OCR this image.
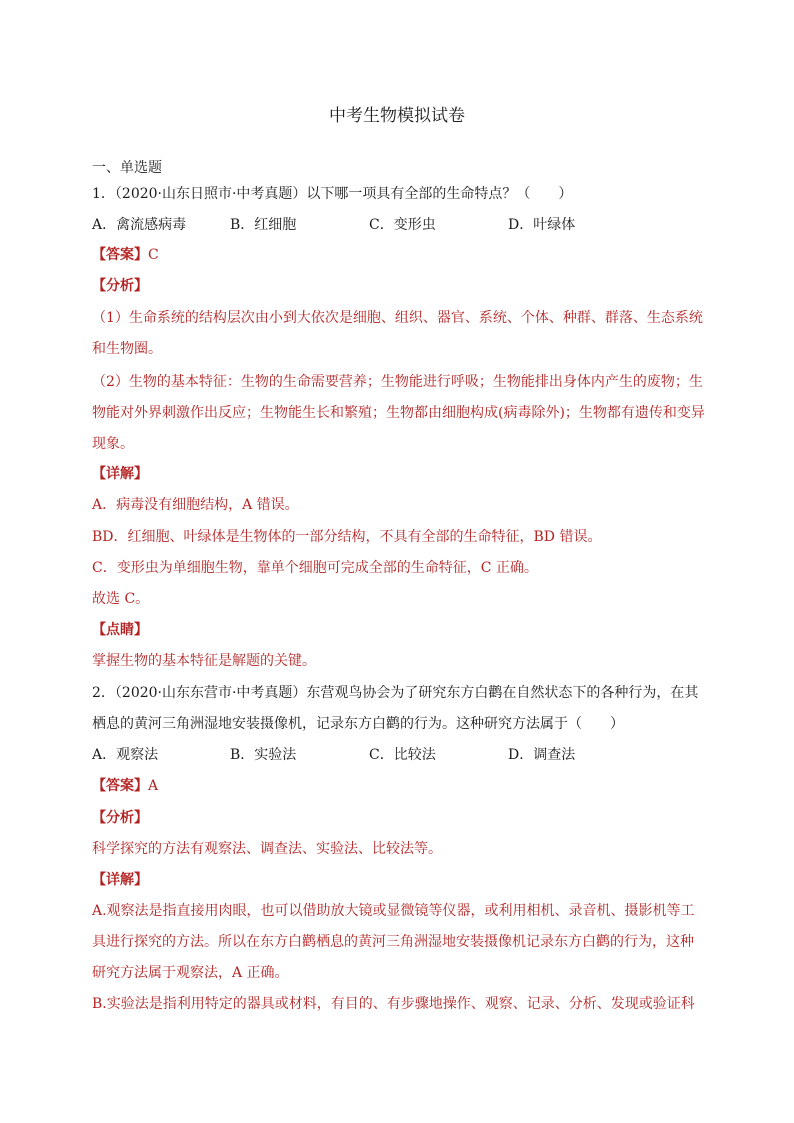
中考生物模拟试卷
一、单选题
1．（2020·山东日照市·中考真题）以下哪一项具有全部的生命特点？（　　）
A．禽流感病毒	B．红细胞	C．变形虫	D．叶绿体
【答案】C
【分析】
（1）生命系统的结构层次由小到大依次是细胞、组织、器官、系统、个体、种群、群落、生态系统
和生物圈。
（2）生物的基本特征：生物的生命需要营养；生物能进行呼吸；生物能排出身体内产生的废物；生
物能对外界刺激作出反应；生物能生长和繁殖；生物都由细胞构成(病毒除外)；生物都有遗传和变异
现象。
【详解】
A．病毒没有细胞结构，A 错误。
BD．红细胞、叶绿体是生物体的一部分结构，不具有全部的生命特征，BD 错误。
C．变形虫为单细胞生物，靠单个细胞可完成全部的生命特征，C 正确。
故选 C。
【点睛】
掌握生物的基本特征是解题的关键。
2．（2020·山东东营市·中考真题）东营观鸟协会为了研究东方白鹳在自然状态下的各种行为，在其
栖息的黄河三角洲湿地安装摄像机，记录东方白鹳的行为。这种研究方法属于（　　）
A．观察法	B．实验法	C．比较法	D．调查法
【答案】A
【分析】
科学探究的方法有观察法、调查法、实验法、比较法等。
【详解】
A.观察法是指直接用肉眼，也可以借助放大镜或显微镜等仪器，或利用相机、录音机、摄影机等工
具进行探究的方法。所以在东方白鹳栖息的黄河三角洲湿地安装摄像机记录东方白鹳的行为，这种
研究方法属于观察法，A 正确。
B.实验法是指利用特定的器具或材料，有目的、有步骤地操作、观察、记录、分析、发现或验证科
